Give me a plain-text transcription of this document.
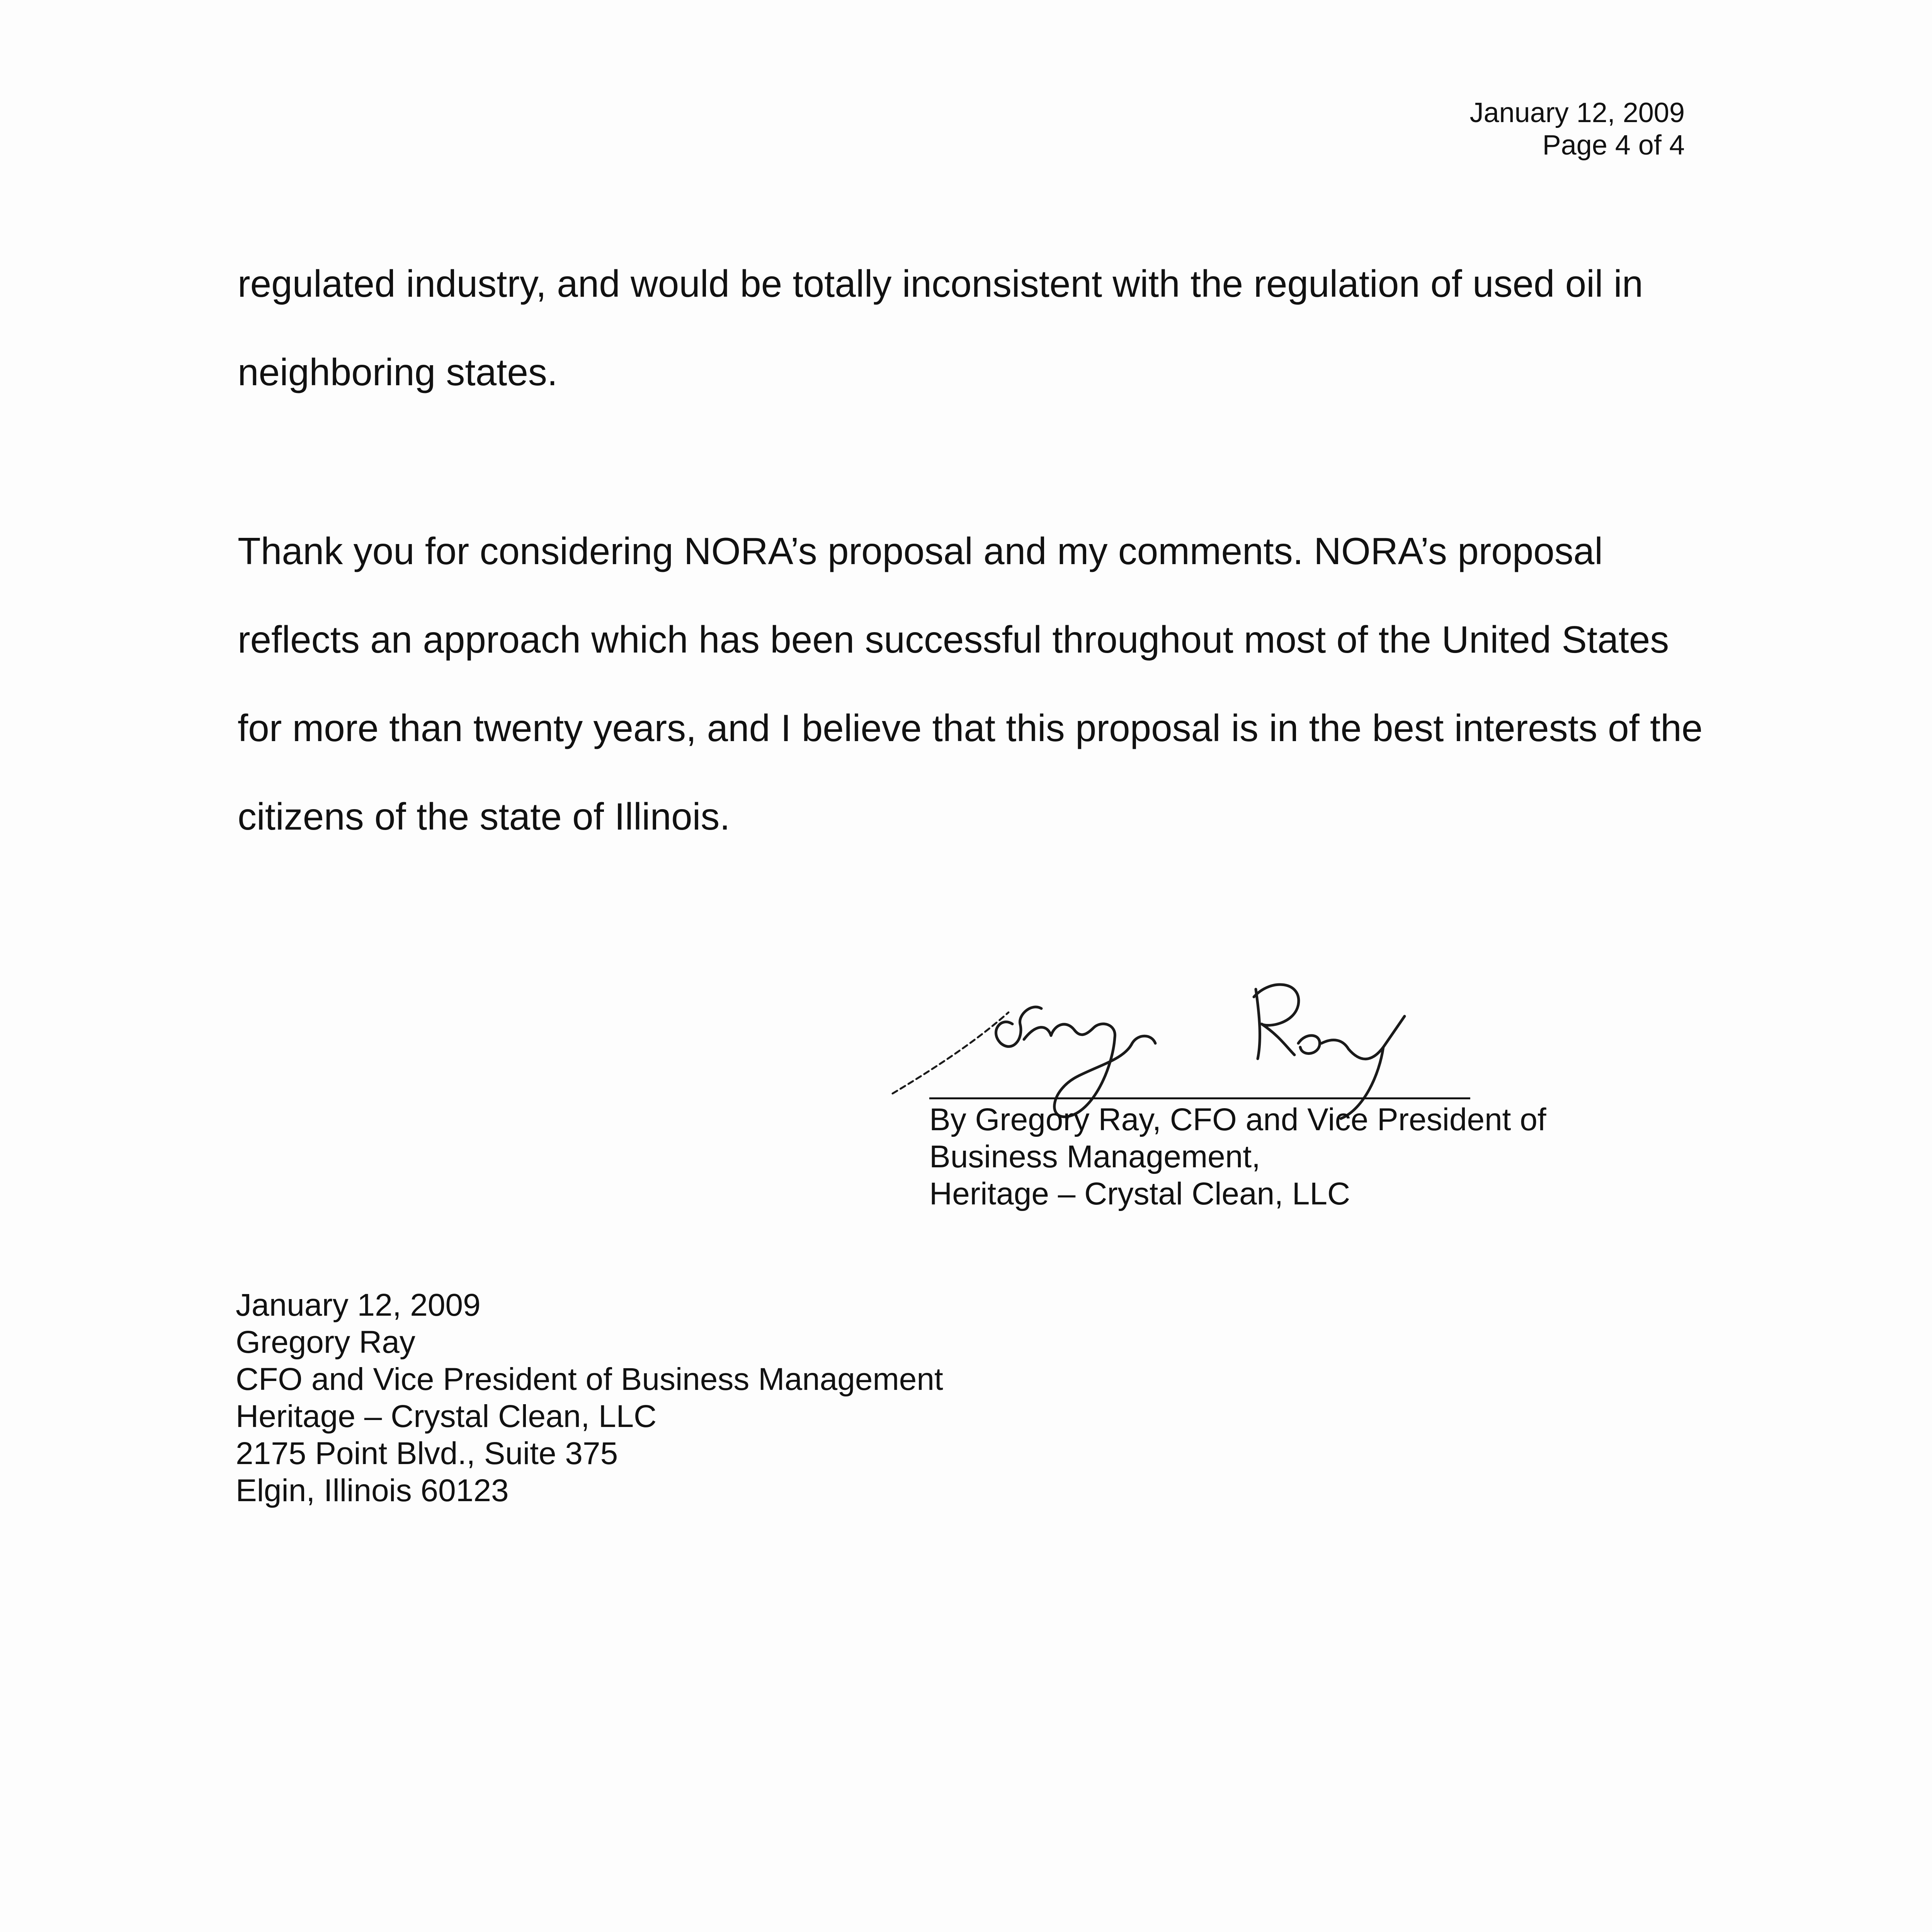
January 12, 2009
Page 4 of 4

regulated industry, and would be totally inconsistent with the regulation of used oil in

neighboring states.

Thank you for considering NORA’s proposal and my comments. NORA’s proposal

reflects an approach which has been successful throughout most of the United States

for more than twenty years, and I believe that this proposal is in the best interests of the

citizens of the state of Illinois.

By Gregory Ray, CFO and Vice President of
Business Management,
Heritage – Crystal Clean, LLC
January 12, 2009
Gregory Ray
CFO and Vice President of Business Management
Heritage – Crystal Clean, LLC
2175 Point Blvd., Suite 375
Elgin, Illinois 60123
